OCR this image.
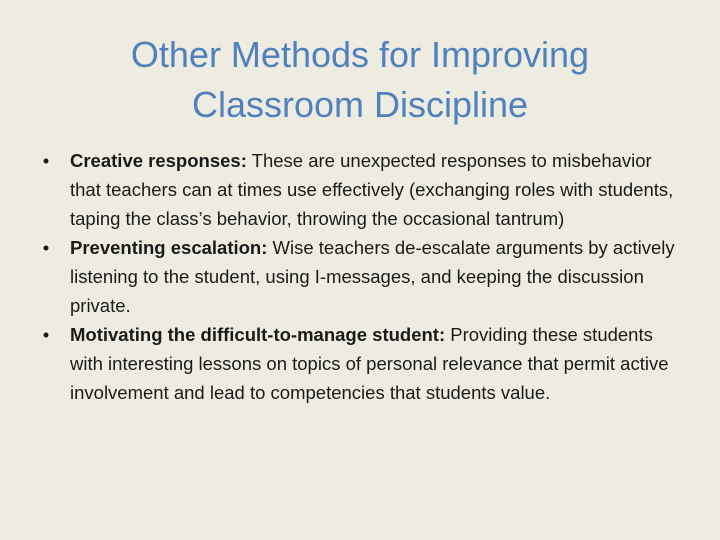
Other Methods for Improving
Classroom Discipline
• Creative responses: These are unexpected responses to misbehavior that teachers can at times use effectively (exchanging roles with students, taping the class’s behavior, throwing the occasional tantrum)
• Preventing escalation: Wise teachers de-escalate arguments by actively listening to the student, using I-messages, and keeping the discussion private.
• Motivating the difficult-to-manage student: Providing these students with interesting lessons on topics of personal relevance that permit active involvement and lead to competencies that students value.
